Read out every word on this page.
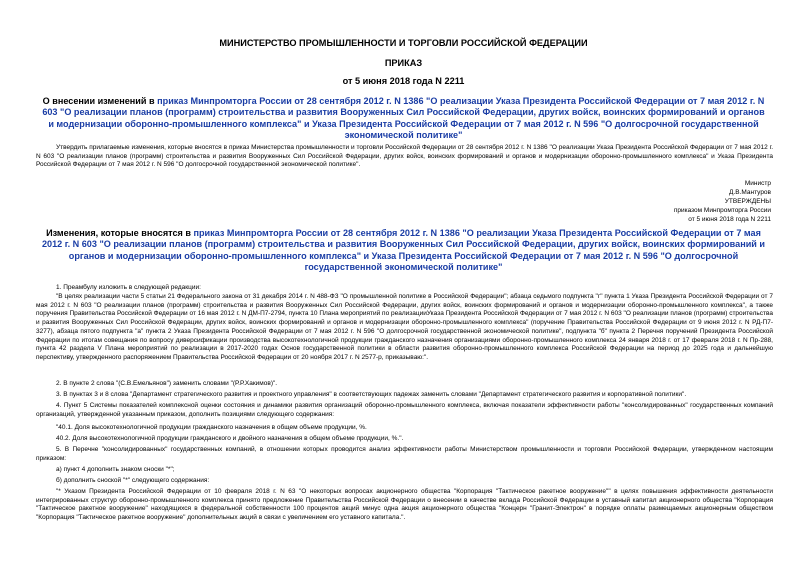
МИНИСТЕРСТВО ПРОМЫШЛЕННОСТИ И ТОРГОВЛИ РОССИЙСКОЙ ФЕДЕРАЦИИ
ПРИКАЗ
от 5 июня 2018 года N 2211
О внесении изменений в приказ Минпромторга России от 28 сентября 2012 г. N 1386 "О реализации Указа Президента Российской Федерации от 7 мая 2012 г. N 603 "О реализации планов (программ) строительства и развития Вооруженных Сил Российской Федерации, других войск, воинских формирований и органов и модернизации оборонно-промышленного комплекса" и Указа Президента Российской Федерации от 7 мая 2012 г. N 596 "О долгосрочной государственной экономической политике"
Утвердить прилагаемые изменения, которые вносятся в приказ Министерства промышленности и торговли Российской Федерации от 28 сентября 2012 г. N 1386 "О реализации Указа Президента Российской Федерации от 7 мая 2012 г. N 603 "О реализации планов (программ) строительства и развития Вооруженных Сил Российской Федерации, других войск, воинских формирований и органов и модернизации оборонно-промышленного комплекса" и Указа Президента Российской Федерации от 7 мая 2012 г. N 596 "О долгосрочной государственной экономической политике".
Министр
Д.В.Мантуров
УТВЕРЖДЕНЫ
приказом Минпромторга России
от 5 июня 2018 года N 2211
Изменения, которые вносятся в приказ Минпромторга России от 28 сентября 2012 г. N 1386 "О реализации Указа Президента Российской Федерации от 7 мая 2012 г. N 603 "О реализации планов (программ) строительства и развития Вооруженных Сил Российской Федерации, других войск, воинских формирований и органов и модернизации оборонно-промышленного комплекса" и Указа Президента Российской Федерации от 7 мая 2012 г. N 596 "О долгосрочной государственной экономической политике"
1. Преамбулу изложить в следующей редакции:
"В целях реализации части 5 статьи 21 Федерального закона от 31 декабря 2014 г. N 488-ФЗ "О промышленной политике в Российской Федерации"; абзаца седьмого подпункта "г" пункта 1 Указа Президента Российской Федерации от 7 мая 2012 г. N 603 "О реализации планов (программ) строительства и развития Вооруженных Сил Российской Федерации, других войск, воинских формирований и органов и модернизации оборонно-промышленного комплекса", а также поручения Правительства Российской Федерации от 16 мая 2012 г. N ДМ-П7-2794, пункта 10 Плана мероприятий по реализацииУказа Президента Российской Федерации от 7 мая 2012 г. N 603 "О реализации планов (программ) строительства и развития Вооруженных Сил Российской Федерации, других войск, воинских формирований и органов и модернизации оборонно-промышленного комплекса" (поручение Правительства Российской Федерации от 9 июня 2012 г. N РД-П7-3277), абзаца пятого подпункта "а" пункта 2 Указа Президента Российской Федерации от 7 мая 2012 г. N 596 "О долгосрочной государственной экономической политике", подпункта "б" пункта 2 Перечня поручений Президента Российской Федерации по итогам совещания по вопросу диверсификации производства высокотехнологичной продукции гражданского назначения организациями оборонно-промышленного комплекса 24 января 2018 г. от 17 февраля 2018 г. N Пр-288, пункта 42 раздела V Плана мероприятий по реализации в 2017-2020 годах Основ государственной политики в области развития оборонно-промышленного комплекса Российской Федерации на период до 2025 года и дальнейшую перспективу, утвержденного распоряжением Правительства Российской Федерации от 20 ноября 2017 г. N 2577-р, приказываю:".
2. В пункте 2 слова "(С.В.Емельянов") заменить словами "(Р.Р.Хакимов)".
3. В пунктах 3 и 8 слова "Департамент стратегического развития и проектного управления" в соответствующих падежах заменить словами "Департамент стратегического развития и корпоративной политики".
4. Пункт 5 Системы показателей комплексной оценки состояния и динамики развития организаций оборонно-промышленного комплекса, включая показатели эффективности работы "консолидированных" государственных компаний организаций, утвержденной указанным приказом, дополнить позициями следующего содержания:
"40.1. Доля высокотехнологичной продукции гражданского назначения в общем объеме продукции, %.
40.2. Доля высокотехнологичной продукции гражданского и двойного назначения в общем объеме продукции, %.".
5. В Перечне "консолидированных" государственных компаний, в отношении которых проводится анализ эффективности работы Министерством промышленности и торговли Российской Федерации, утвержденном настоящим приказом:
а) пункт 4 дополнить знаком сноски "*";
б) дополнить сноской "*" следующего содержания:
"* Указом Президента Российской Федерации от 10 февраля 2018 г. N 63 "О некоторых вопросах акционерного общества "Корпорация "Тактическое ракетное вооружение"" в целях повышения эффективности деятельности интегрированных структур оборонно-промышленного комплекса принято предложение Правительства Российской Федерации о внесении в качестве вклада Российской Федерации в уставный капитал акционерного общества "Корпорация "Тактическое ракетное вооружение" находящихся в федеральной собственности 100 процентов акций минус одна акция акционерного общества "Концерн "Гранит-Электрон" в порядке оплаты размещаемых акционерным обществом "Корпорация "Тактическое ракетное вооружение" дополнительных акций в связи с увеличением его уставного капитала.".
